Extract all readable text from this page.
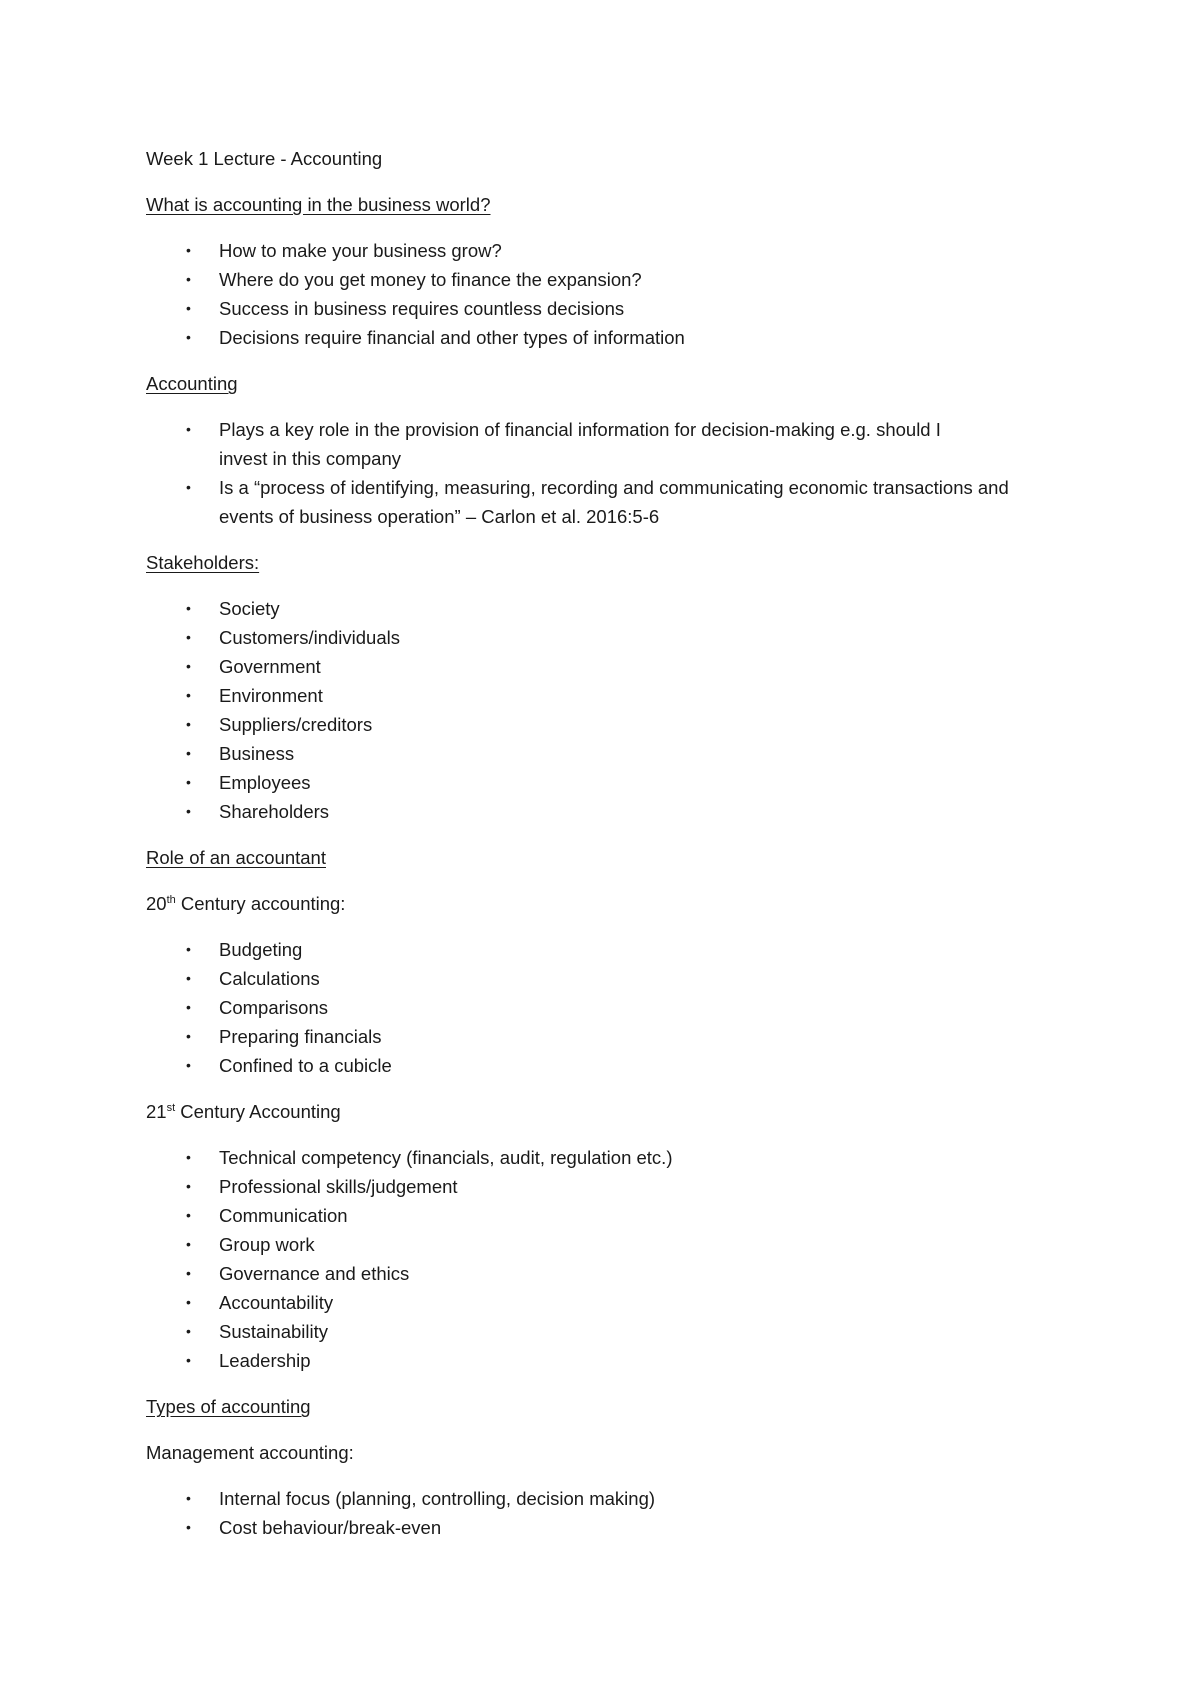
Week 1 Lecture - Accounting

What is accounting in the business world?

• How to make your business grow?
• Where do you get money to finance the expansion?
• Success in business requires countless decisions
• Decisions require financial and other types of information

Accounting

• Plays a key role in the provision of financial information for decision-making e.g. should I invest in this company
• Is a “process of identifying, measuring, recording and communicating economic transactions and events of business operation” – Carlon et al. 2016:5-6

Stakeholders:

• Society
• Customers/individuals
• Government
• Environment
• Suppliers/creditors
• Business
• Employees
• Shareholders

Role of an accountant

20th Century accounting:

• Budgeting
• Calculations
• Comparisons
• Preparing financials
• Confined to a cubicle

21st Century Accounting

• Technical competency (financials, audit, regulation etc.)
• Professional skills/judgement
• Communication
• Group work
• Governance and ethics
• Accountability
• Sustainability
• Leadership

Types of accounting

Management accounting:

• Internal focus (planning, controlling, decision making)
• Cost behaviour/break-even
